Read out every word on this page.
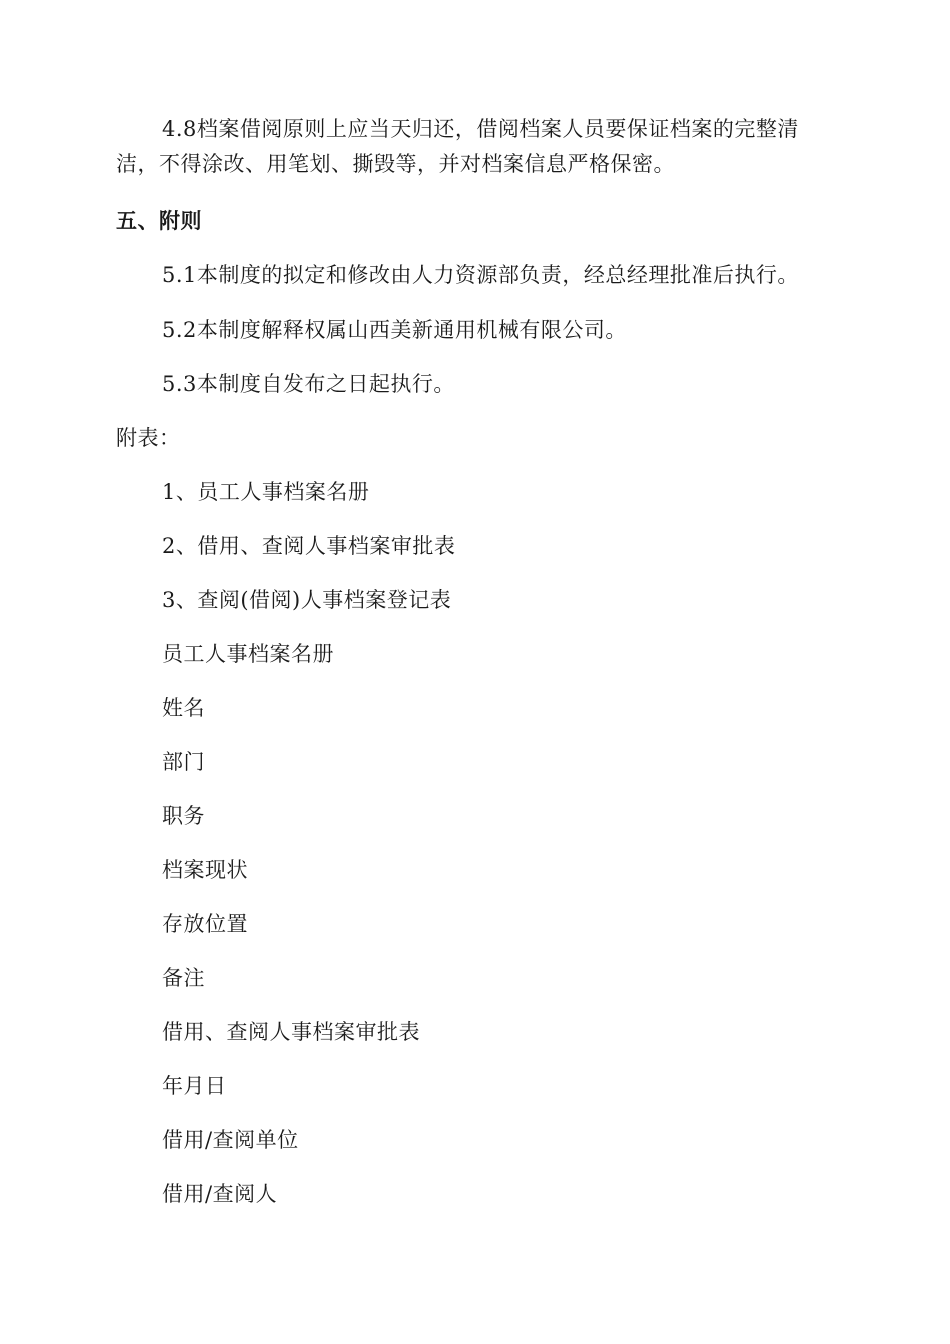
4.8档案借阅原则上应当天归还，借阅档案人员要保证档案的完整清洁，不得涂改、用笔划、撕毁等，并对档案信息严格保密。

五、附则

5.1本制度的拟定和修改由人力资源部负责，经总经理批准后执行。

5.2本制度解释权属山西美新通用机械有限公司。

5.3本制度自发布之日起执行。

附表：

1、员工人事档案名册

2、借用、查阅人事档案审批表

3、查阅(借阅)人事档案登记表

员工人事档案名册

姓名

部门

职务

档案现状

存放位置

备注

借用、查阅人事档案审批表

年月日

借用/查阅单位

借用/查阅人
